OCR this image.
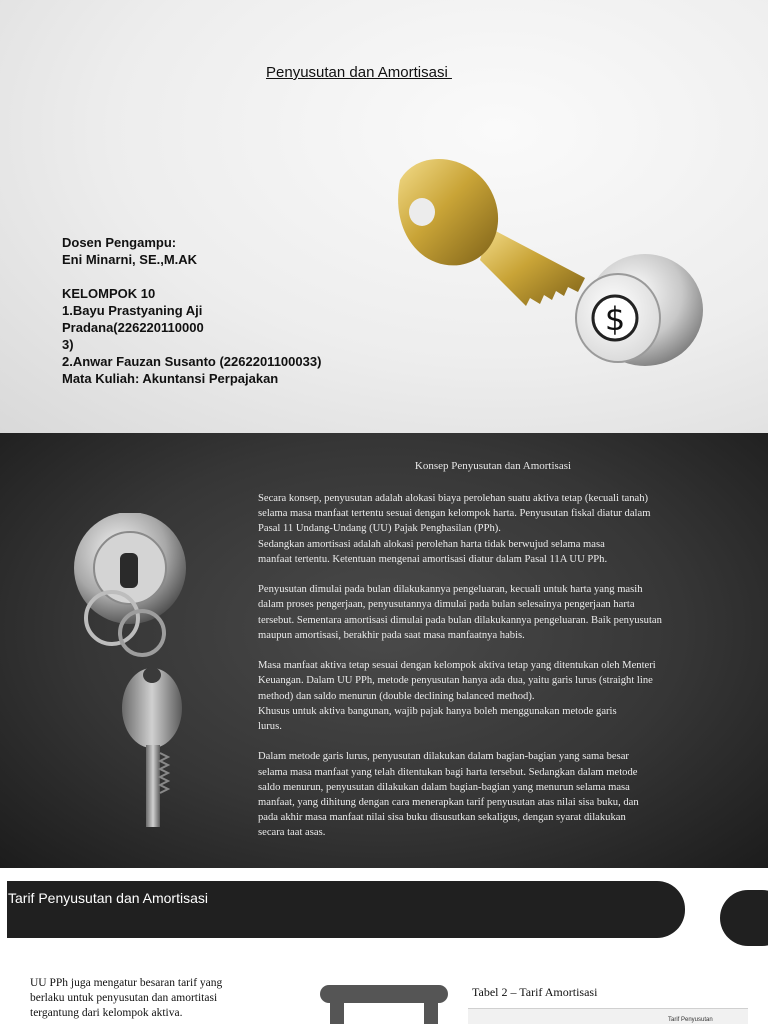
Penyusutan dan Amortisasi
Dosen Pengampu:
Eni Minarni, SE.,M.AK
KELOMPOK 10
1.Bayu Prastyaning Aji
Pradana(226220110000
3)
2.Anwar Fauzan Susanto (2262201100033)
Mata Kuliah: Akuntansi Perpajakan
$
Konsep Penyusutan dan Amortisasi
Secara konsep, penyusutan adalah alokasi biaya perolehan suatu aktiva tetap (kecuali tanah)
selama masa manfaat tertentu sesuai dengan kelompok harta. Penyusutan fiskal diatur dalam
Pasal 11 Undang-Undang (UU) Pajak Penghasilan (PPh).
Sedangkan amortisasi adalah alokasi perolehan harta tidak berwujud selama masa
manfaat tertentu. Ketentuan mengenai amortisasi diatur dalam Pasal 11A UU PPh.
Penyusutan dimulai pada bulan dilakukannya pengeluaran, kecuali untuk harta yang masih
dalam proses pengerjaan, penyusutannya dimulai pada bulan selesainya pengerjaan harta
tersebut. Sementara amortisasi dimulai pada bulan dilakukannya pengeluaran. Baik penyusutan
maupun amortisasi, berakhir pada saat masa manfaatnya habis.
Masa manfaat aktiva tetap sesuai dengan kelompok aktiva tetap yang ditentukan oleh Menteri
Keuangan. Dalam UU PPh, metode penyusutan hanya ada dua, yaitu garis lurus (straight line
method) dan saldo menurun (double declining balanced method).
Khusus untuk aktiva bangunan, wajib pajak hanya boleh menggunakan metode garis
lurus.
Dalam metode garis lurus, penyusutan dilakukan dalam bagian-bagian yang sama besar
selama masa manfaat yang telah ditentukan bagi harta tersebut. Sedangkan dalam metode
saldo menurun, penyusutan dilakukan dalam bagian-bagian yang menurun selama masa
manfaat, yang dihitung dengan cara menerapkan tarif penyusutan atas nilai sisa buku, dan
pada akhir masa manfaat nilai sisa buku disusutkan sekaligus, dengan syarat dilakukan
secara taat asas.
Tarif Penyusutan dan Amortisasi
UU PPh juga mengatur besaran tarif yang
berlaku untuk penyusutan dan amortitasi
tergantung dari kelompok aktiva.
Tabel 2 – Tarif Amortisasi
Tarif Penyusutan
